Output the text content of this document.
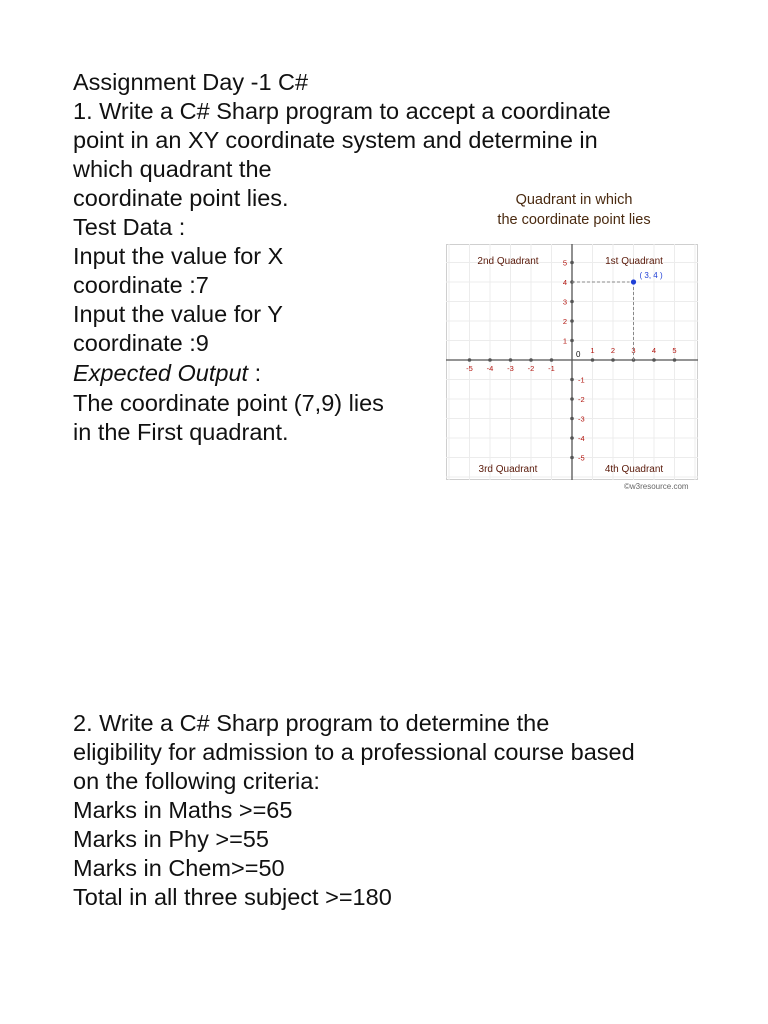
Assignment Day -1 C#
1. Write a C# Sharp program to accept a coordinate
point in an XY coordinate system and determine in
which quadrant the
coordinate point lies.
Test Data :
Input the value for X
coordinate :7
Input the value for Y
coordinate :9
Expected Output :
The coordinate point (7,9) lies
in the First quadrant.
2. Write a C# Sharp program to determine the
eligibility for admission to a professional course based
on the following criteria:
Marks in Maths >=65
Marks in Phy >=55
Marks in Chem>=50
Total in all three subject >=180
Quadrant in which
the coordinate point lies
-5
-5
-4
-4
-3
-3
-2
-2
-1
-1
1
1
2
2
3
3
4
4
5
5
0
1st Quadrant
2nd Quadrant
3rd Quadrant	4th Quadrant
( 3, 4 )
©w3resource.com
